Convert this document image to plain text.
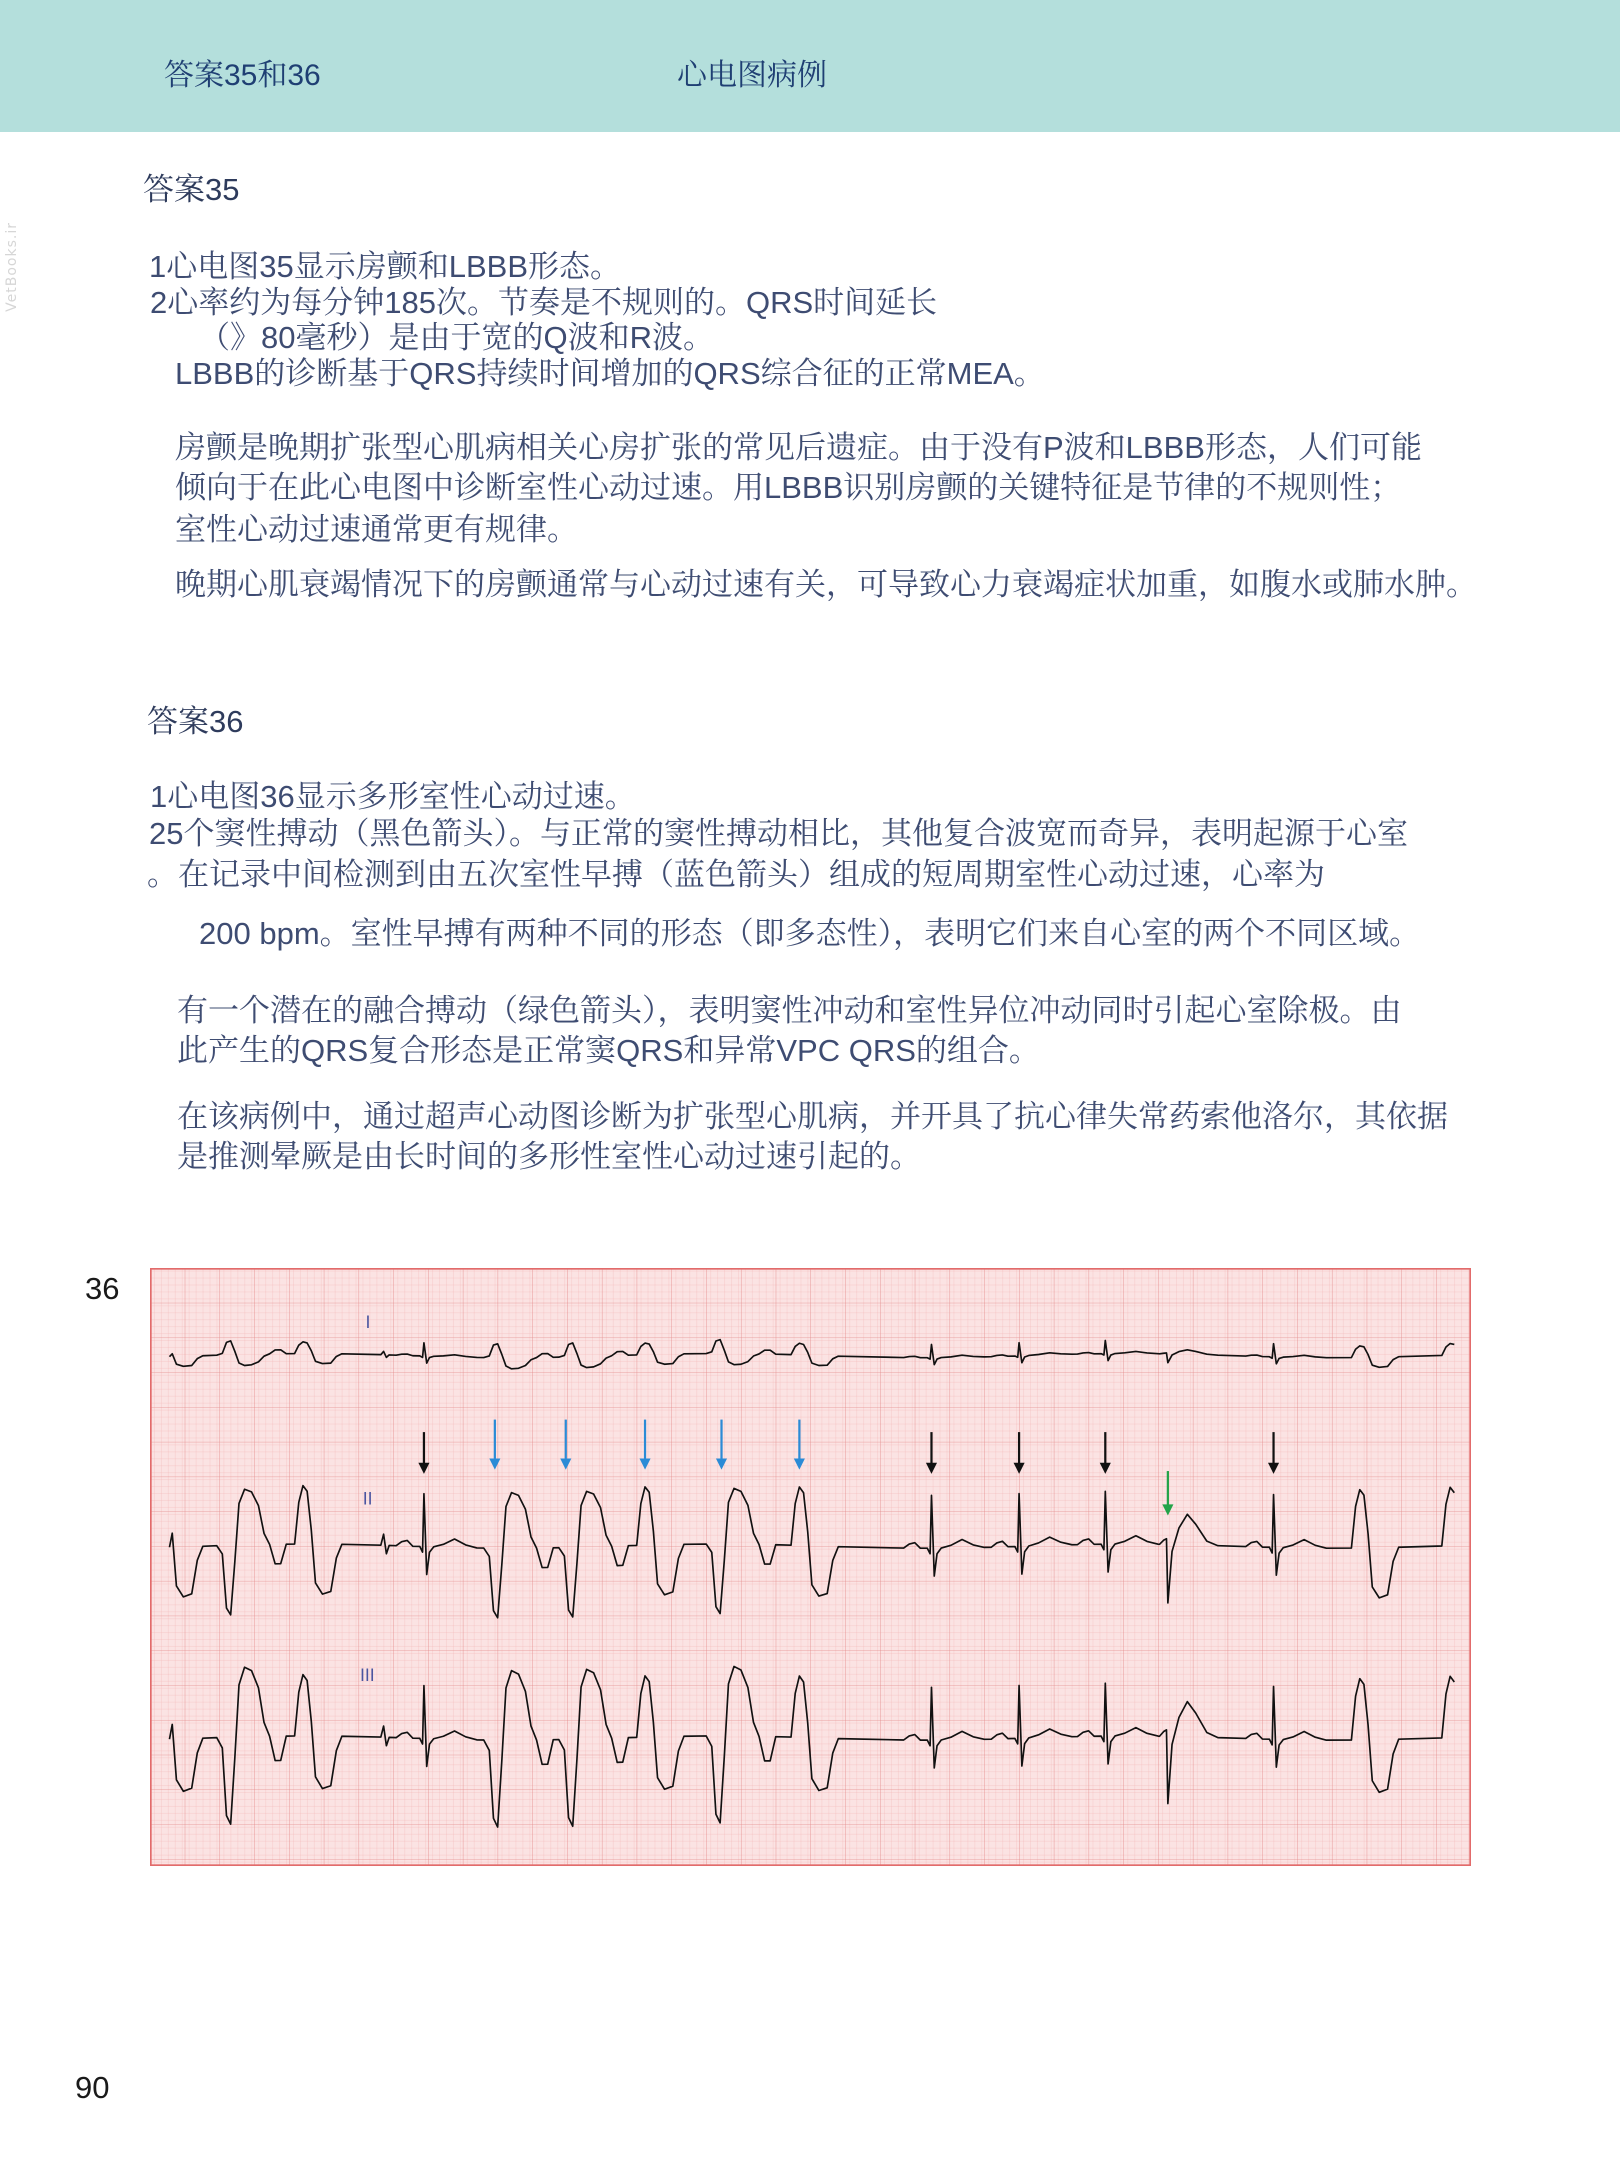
答案35和36	心电图病例
VetBooks.ir
答案35
1心电图35显示房颤和LBBB形态。
2心率约为每分钟185次。节奏是不规则的。QRS时间延长
（》80毫秒）是由于宽的Q波和R波。
LBBB的诊断基于QRS持续时间增加的QRS综合征的正常MEA。
房颤是晚期扩张型心肌病相关心房扩张的常见后遗症。由于没有P波和LBBB形态，人们可能
倾向于在此心电图中诊断室性心动过速。用LBBB识别房颤的关键特征是节律的不规则性；
室性心动过速通常更有规律。
晚期心肌衰竭情况下的房颤通常与心动过速有关，可导致心力衰竭症状加重，如腹水或肺水肿。
答案36
1心电图36显示多形室性心动过速。
25个窦性搏动（黑色箭头）。与正常的窦性搏动相比，其他复合波宽而奇异，表明起源于心室
。在记录中间检测到由五次室性早搏（蓝色箭头）组成的短周期室性心动过速，心率为
200 bpm。室性早搏有两种不同的形态（即多态性），表明它们来自心室的两个不同区域。
有一个潜在的融合搏动（绿色箭头），表明窦性冲动和室性异位冲动同时引起心室除极。由
此产生的QRS复合形态是正常窦QRS和异常VPC QRS的组合。
在该病例中，通过超声心动图诊断为扩张型心肌病，并开具了抗心律失常药索他洛尔，其依据
是推测晕厥是由长时间的多形性室性心动过速引起的。
36
I
II
III
90
